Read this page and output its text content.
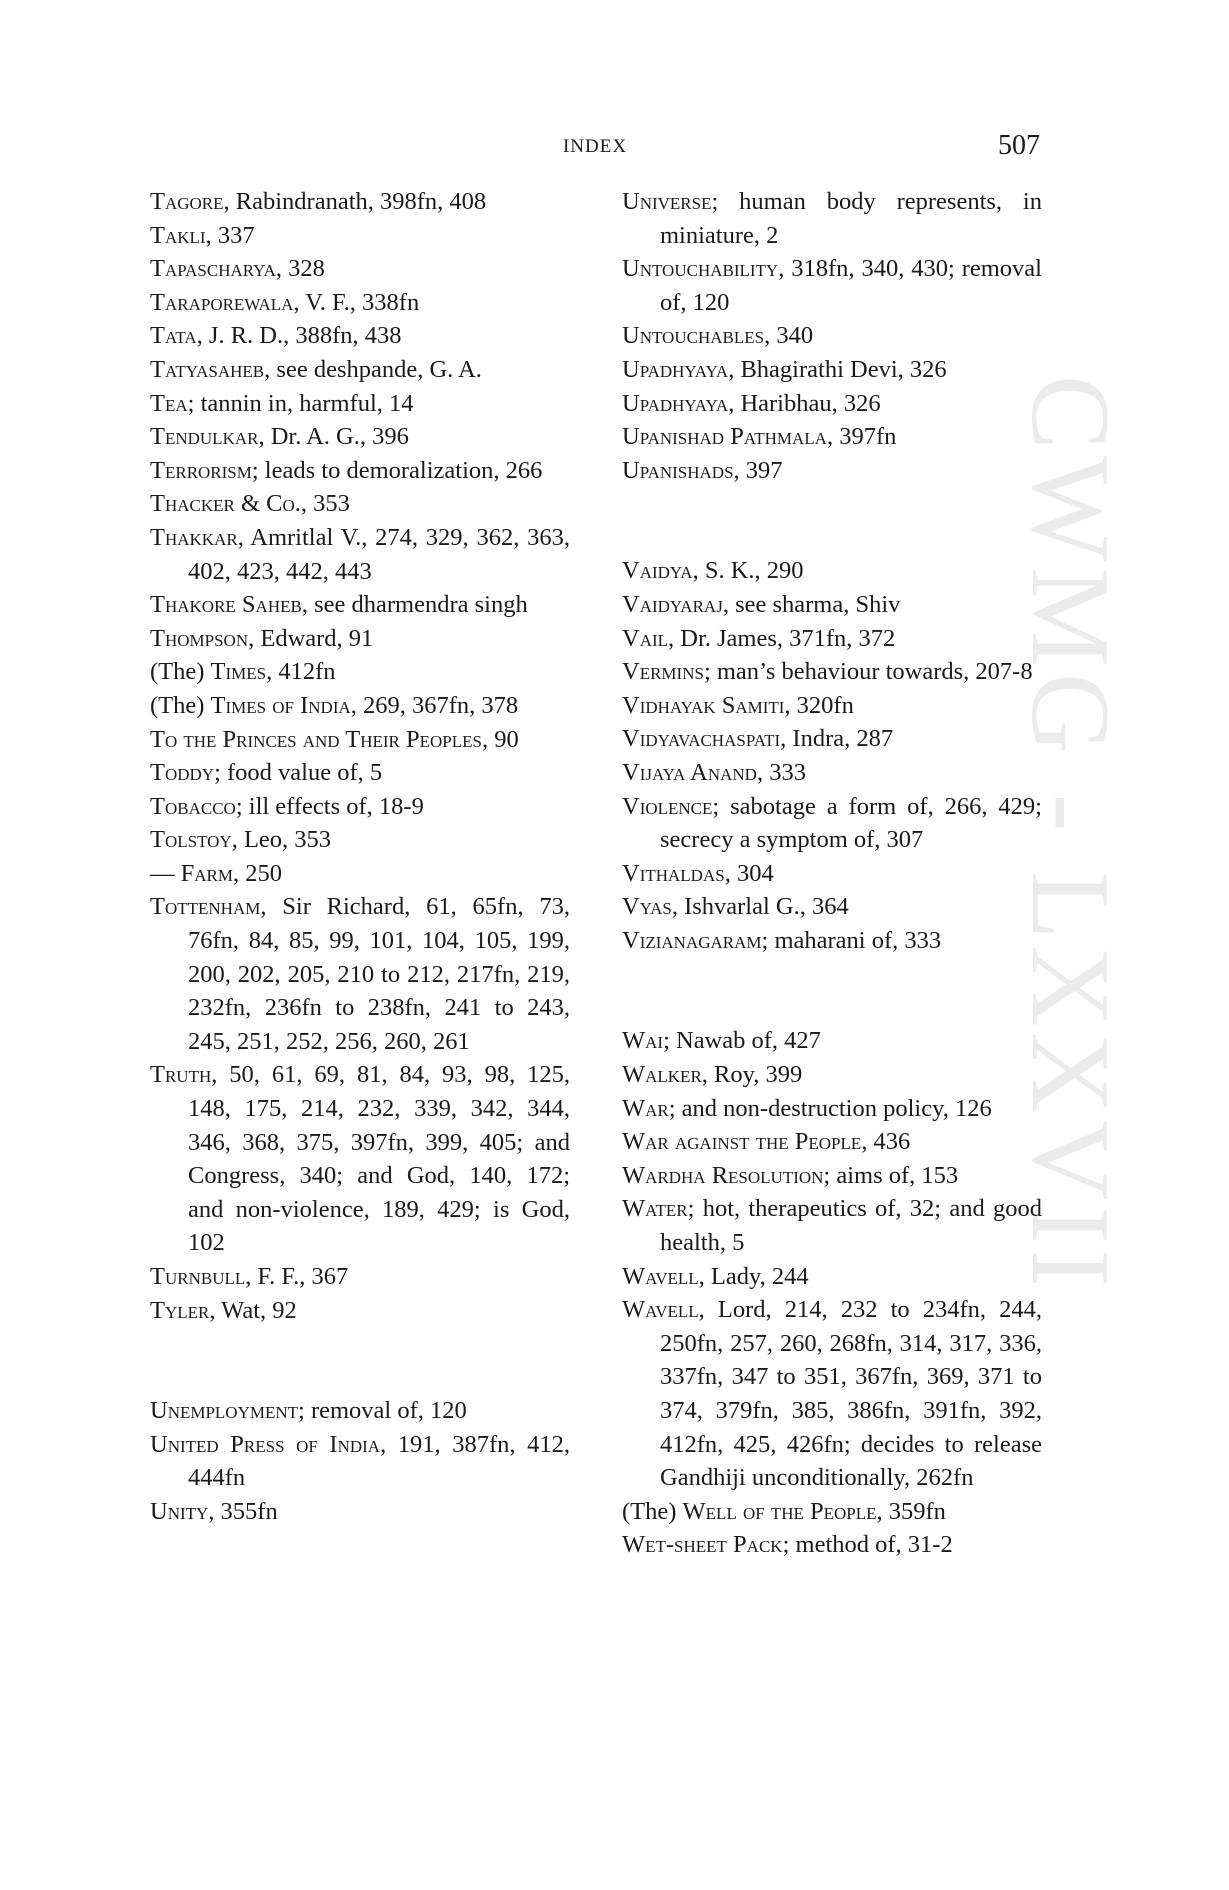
CWMG - LXXVII
INDEX	507
Tagore, Rabindranath, 398fn, 408
Takli, 337
Tapascharya, 328
Taraporewala, V. F., 338fn
Tata, J. R. D., 388fn, 438
Tatyasaheb, see deshpande, G. A.
Tea; tannin in, harmful, 14
Tendulkar, Dr. A. G., 396
Terrorism; leads to demoralization, 266
Thacker & Co., 353
Thakkar, Amritlal V., 274, 329, 362, 363, 402, 423, 442, 443
Thakore Saheb, see dharmendra singh
Thompson, Edward, 91
(The) Times, 412fn
(The) Times of India, 269, 367fn, 378
To the Princes and Their Peoples, 90
Toddy; food value of, 5
Tobacco; ill effects of, 18-9
Tolstoy, Leo, 353
— Farm, 250
Tottenham, Sir Richard, 61, 65fn, 73, 76fn, 84, 85, 99, 101, 104, 105, 199, 200, 202, 205, 210 to 212, 217fn, 219, 232fn, 236fn to 238fn, 241 to 243, 245, 251, 252, 256, 260, 261
Truth, 50, 61, 69, 81, 84, 93, 98, 125, 148, 175, 214, 232, 339, 342, 344, 346, 368, 375, 397fn, 399, 405; and Congress, 340; and God, 140, 172; and non-violence, 189, 429; is God, 102
Turnbull, F. F., 367
Tyler, Wat, 92
Unemployment; removal of, 120
United Press of India, 191, 387fn, 412, 444fn
Unity, 355fn
Universe; human body represents, in miniature, 2
Untouchability, 318fn, 340, 430; removal of, 120
Untouchables, 340
Upadhyaya, Bhagirathi Devi, 326
Upadhyaya, Haribhau, 326
Upanishad Pathmala, 397fn
Upanishads, 397
Vaidya, S. K., 290
Vaidyaraj, see sharma, Shiv
Vail, Dr. James, 371fn, 372
Vermins; man’s behaviour towards, 207-8
Vidhayak Samiti, 320fn
Vidyavachaspati, Indra, 287
Vijaya Anand, 333
Violence; sabotage a form of, 266, 429; secrecy a symptom of, 307
Vithaldas, 304
Vyas, Ishvarlal G., 364
Vizianagaram; maharani of, 333
Wai; Nawab of, 427
Walker, Roy, 399
War; and non-destruction policy, 126
War against the People, 436
Wardha Resolution; aims of, 153
Water; hot, therapeutics of, 32; and good health, 5
Wavell, Lady, 244
Wavell, Lord, 214, 232 to 234fn, 244, 250fn, 257, 260, 268fn, 314, 317, 336, 337fn, 347 to 351, 367fn, 369, 371 to 374, 379fn, 385, 386fn, 391fn, 392, 412fn, 425, 426fn; decides to release Gandhiji unconditionally, 262fn
(The) Well of the People, 359fn
Wet-sheet Pack; method of, 31-2
